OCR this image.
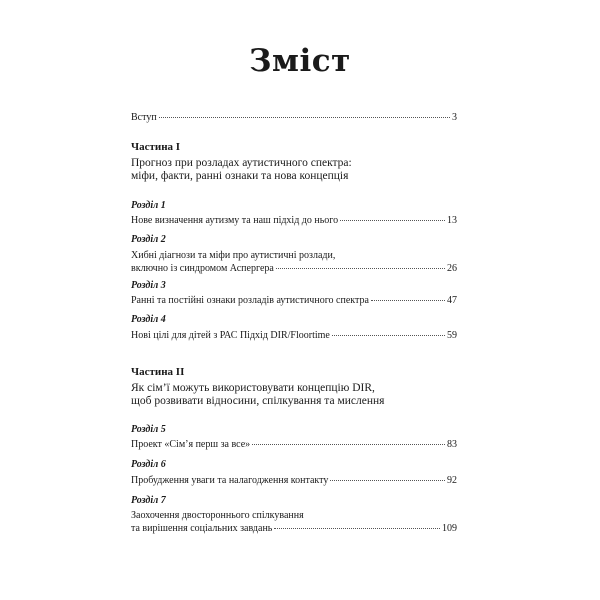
Зміст
Вступ	3
Частина I
Прогноз при розладах аутистичного спектра:
міфи, факти, ранні ознаки та нова концепція
Розділ 1
Нове визначення аутизму та наш підхід до нього	13
Розділ 2
Хибні діагнози та міфи про аутистичні розлади,
включно із синдромом Аспергера	26
Розділ 3
Ранні та постійні ознаки розладів аутистичного спектра	47
Розділ 4
Нові цілі для дітей з РАС Підхід DIR/Floortime	59
Частина II
Як сім’ї можуть використовувати концепцію DIR,
щоб розвивати відносини, спілкування та мислення
Розділ 5
Проект «Сім’я перш за все»	83
Розділ 6
Пробудження уваги та налагодження контакту	92
Розділ 7
Заохочення двостороннього спілкування
та вирішення соціальних завдань	109
